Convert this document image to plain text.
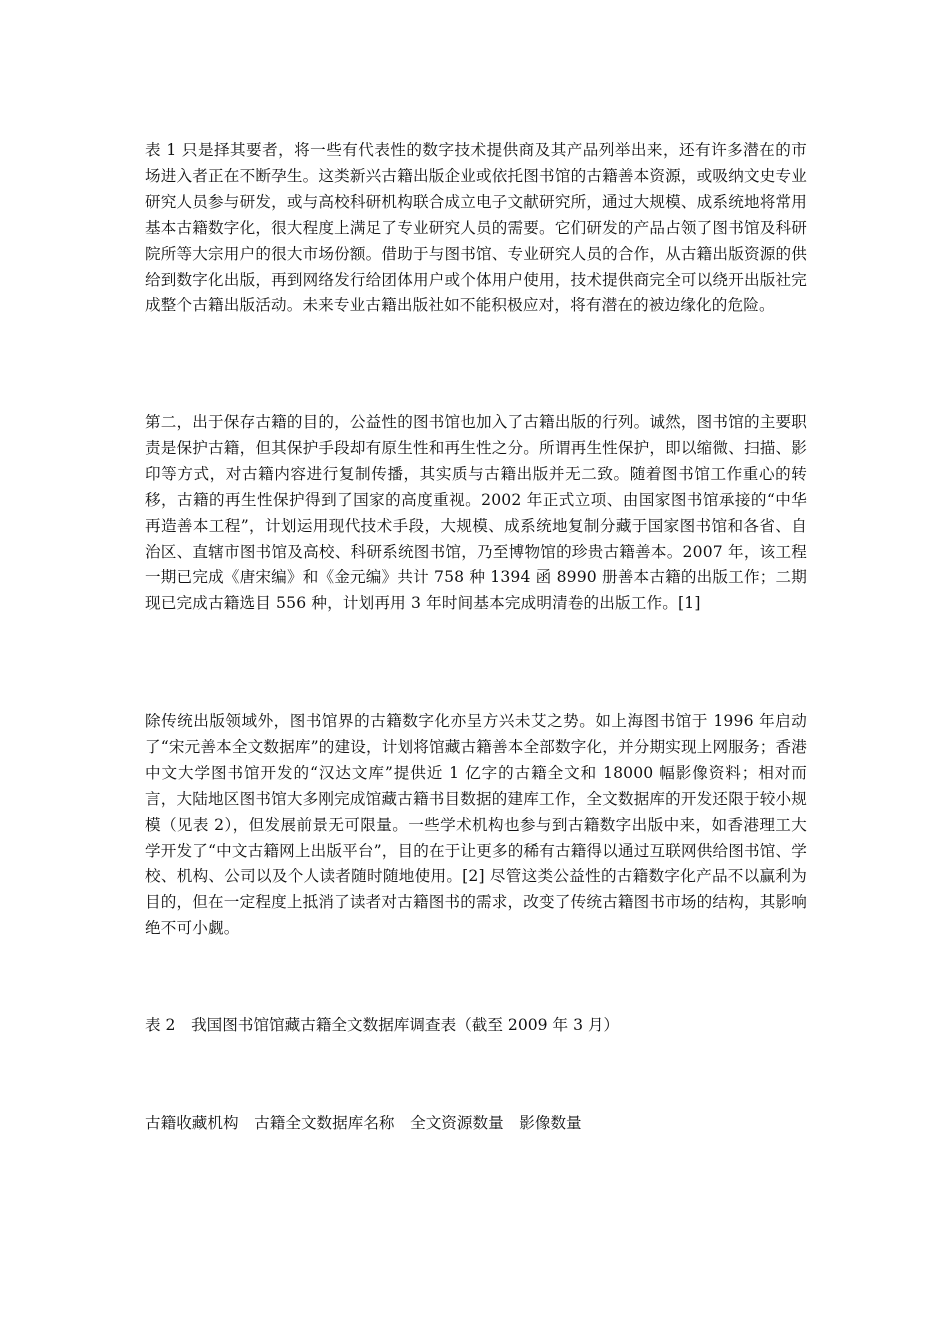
表 1 只是择其要者，将一些有代表性的数字技术提供商及其产品列举出来，还有许多潜在的市场进入者正在不断孕生。这类新兴古籍出版企业或依托图书馆的古籍善本资源，或吸纳文史专业研究人员参与研发，或与高校科研机构联合成立电子文献研究所，通过大规模、成系统地将常用基本古籍数字化，很大程度上满足了专业研究人员的需要。它们研发的产品占领了图书馆及科研院所等大宗用户的很大市场份额。借助于与图书馆、专业研究人员的合作，从古籍出版资源的供给到数字化出版，再到网络发行给团体用户或个体用户使用，技术提供商完全可以绕开出版社完成整个古籍出版活动。未来专业古籍出版社如不能积极应对，将有潜在的被边缘化的危险。

第二，出于保存古籍的目的，公益性的图书馆也加入了古籍出版的行列。诚然，图书馆的主要职责是保护古籍，但其保护手段却有原生性和再生性之分。所谓再生性保护，即以缩微、扫描、影印等方式，对古籍内容进行复制传播，其实质与古籍出版并无二致。随着图书馆工作重心的转移，古籍的再生性保护得到了国家的高度重视。2002 年正式立项、由国家图书馆承接的“中华再造善本工程”，计划运用现代技术手段，大规模、成系统地复制分藏于国家图书馆和各省、自治区、直辖市图书馆及高校、科研系统图书馆，乃至博物馆的珍贵古籍善本。2007 年，该工程一期已完成《唐宋编》和《金元编》共计 758 种 1394 函 8990 册善本古籍的出版工作；二期现已完成古籍选目 556 种，计划再用 3 年时间基本完成明清卷的出版工作。[1]

除传统出版领域外，图书馆界的古籍数字化亦呈方兴未艾之势。如上海图书馆于 1996 年启动了“宋元善本全文数据库”的建设，计划将馆藏古籍善本全部数字化，并分期实现上网服务；香港中文大学图书馆开发的“汉达文库”提供近 1 亿字的古籍全文和 18000 幅影像资料；相对而言，大陆地区图书馆大多刚完成馆藏古籍书目数据的建库工作，全文数据库的开发还限于较小规模（见表 2），但发展前景无可限量。一些学术机构也参与到古籍数字出版中来，如香港理工大学开发了“中文古籍网上出版平台”，目的在于让更多的稀有古籍得以通过互联网供给图书馆、学校、机构、公司以及个人读者随时随地使用。[2] 尽管这类公益性的古籍数字化产品不以赢利为目的，但在一定程度上抵消了读者对古籍图书的需求，改变了传统古籍图书市场的结构，其影响绝不可小觑。

表 2　我国图书馆馆藏古籍全文数据库调查表（截至 2009 年 3 月）

古籍收藏机构　古籍全文数据库名称　全文资源数量　影像数量
